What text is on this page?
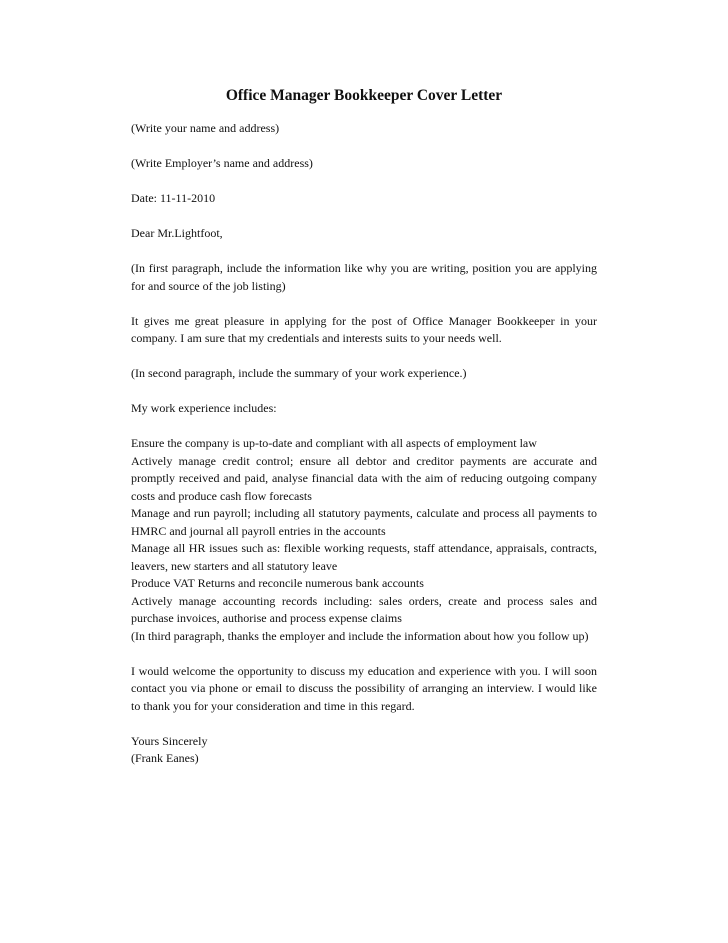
Office Manager Bookkeeper Cover Letter
(Write your name and address)
(Write Employer’s name and address)
Date: 11-11-2010
Dear Mr.Lightfoot,
(In first paragraph, include the information like why you are writing, position you are applying for and source of the job listing)
It gives me great pleasure in applying for the post of Office Manager Bookkeeper in your company. I am sure that my credentials and interests suits to your needs well.
(In second paragraph, include the summary of your work experience.)
My work experience includes:
Ensure the company is up-to-date and compliant with all aspects of employment law
Actively manage credit control; ensure all debtor and creditor payments are accurate and promptly received and paid, analyse financial data with the aim of reducing outgoing company costs and produce cash flow forecasts
Manage and run payroll; including all statutory payments, calculate and process all payments to HMRC and journal all payroll entries in the accounts
Manage all HR issues such as: flexible working requests, staff attendance, appraisals, contracts, leavers, new starters and all statutory leave
Produce VAT Returns and reconcile numerous bank accounts
Actively manage accounting records including: sales orders, create and process sales and purchase invoices, authorise and process expense claims
(In third paragraph, thanks the employer and include the information about how you follow up)
I would welcome the opportunity to discuss my education and experience with you. I will soon contact you via phone or email to discuss the possibility of arranging an interview. I would like to thank you for your consideration and time in this regard.
Yours Sincerely
(Frank Eanes)
